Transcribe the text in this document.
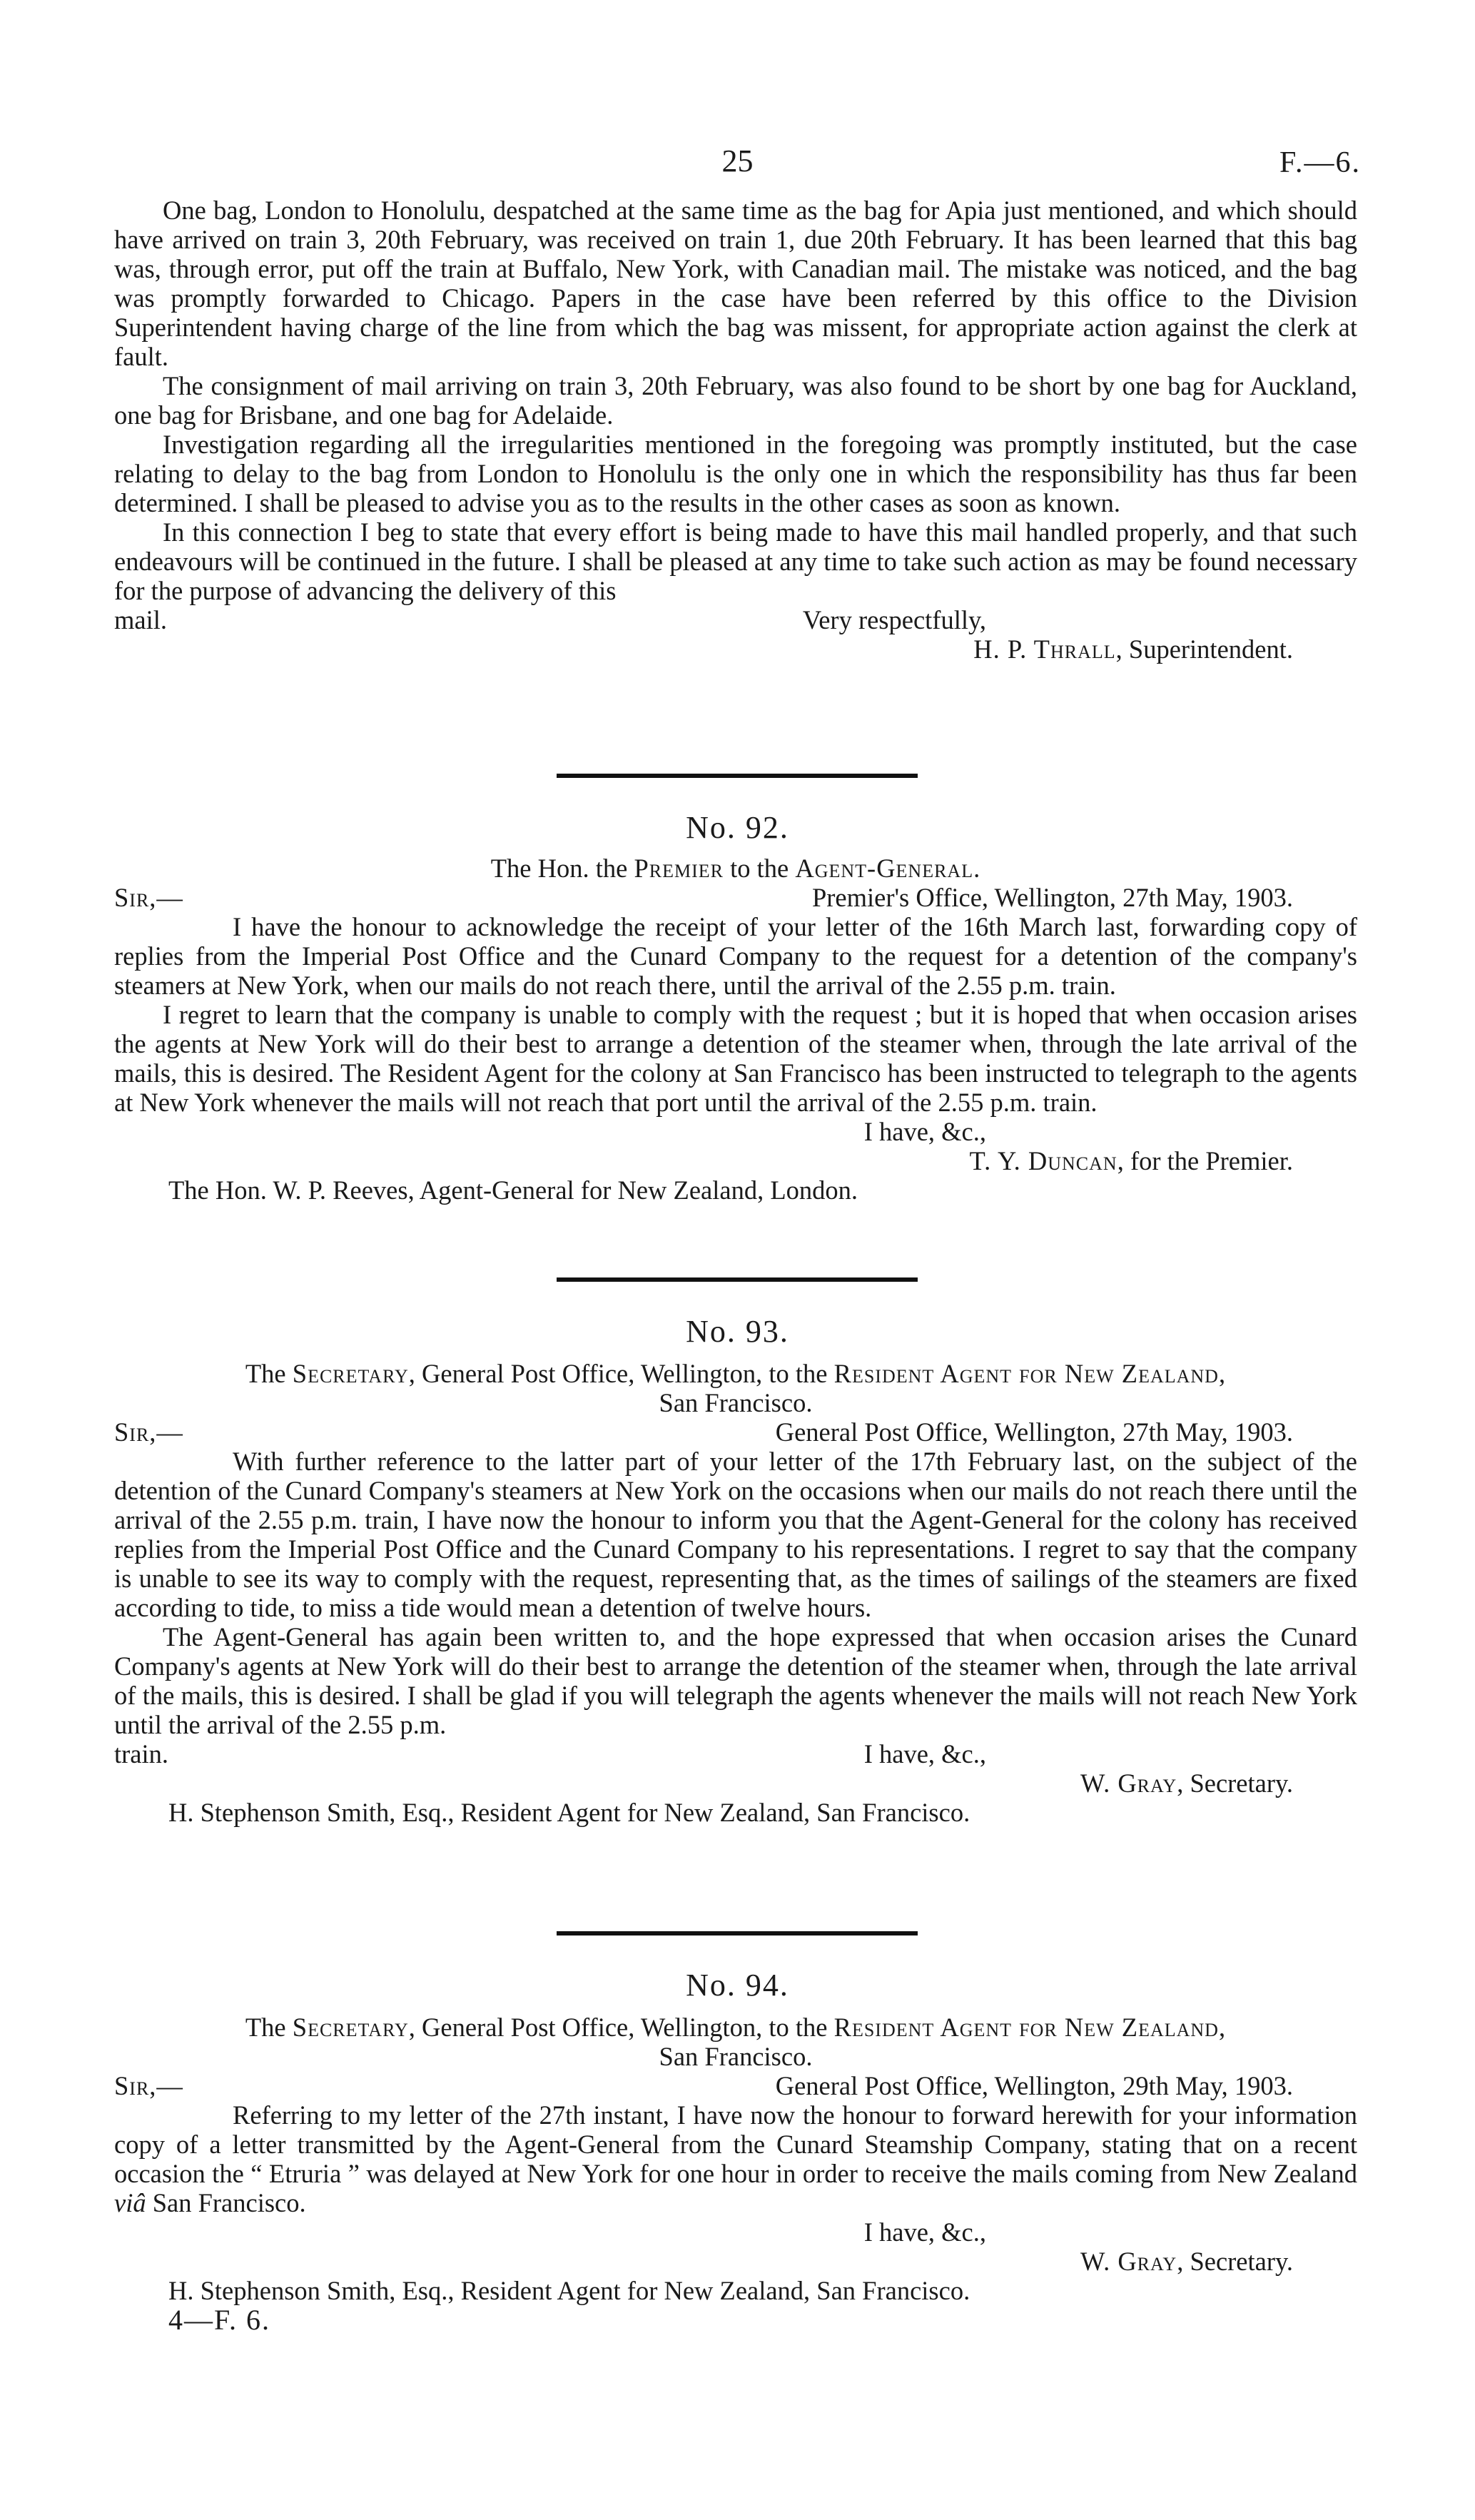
25	F.—6.

One bag, London to Honolulu, despatched at the same time as the bag for Apia just mentioned, and which should have arrived on train 3, 20th February, was received on train 1, due 20th February. It has been learned that this bag was, through error, put off the train at Buffalo, New York, with Canadian mail. The mistake was noticed, and the bag was promptly forwarded to Chicago. Papers in the case have been referred by this office to the Division Superintendent having charge of the line from which the bag was missent, for appropriate action against the clerk at fault.

The consignment of mail arriving on train 3, 20th February, was also found to be short by one bag for Auckland, one bag for Brisbane, and one bag for Adelaide.

Investigation regarding all the irregularities mentioned in the foregoing was promptly instituted, but the case relating to delay to the bag from London to Honolulu is the only one in which the responsibility has thus far been determined. I shall be pleased to advise you as to the results in the other cases as soon as known.

In this connection I beg to state that every effort is being made to have this mail handled properly, and that such endeavours will be continued in the future. I shall be pleased at any time to take such action as may be found necessary for the purpose of advancing the delivery of this

mail.	Very respectfully,
H. P. Thrall, Superintendent.
No. 92.
The Hon. the Premier to the Agent-General.
Sir,—	Premier's Office, Wellington, 27th May, 1903.

I have the honour to acknowledge the receipt of your letter of the 16th March last, forwarding copy of replies from the Imperial Post Office and the Cunard Company to the request for a detention of the company's steamers at New York, when our mails do not reach there, until the arrival of the 2.55 p.m. train.

I regret to learn that the company is unable to comply with the request ; but it is hoped that when occasion arises the agents at New York will do their best to arrange a detention of the steamer when, through the late arrival of the mails, this is desired. The Resident Agent for the colony at San Francisco has been instructed to telegraph to the agents at New York whenever the mails will not reach that port until the arrival of the 2.55 p.m. train.

I have, &c.,
T. Y. Duncan, for the Premier.
The Hon. W. P. Reeves, Agent-General for New Zealand, London.
No. 93.
The Secretary, General Post Office, Wellington, to the Resident Agent for New Zealand,
San Francisco.
Sir,—	General Post Office, Wellington, 27th May, 1903.

With further reference to the latter part of your letter of the 17th February last, on the subject of the detention of the Cunard Company's steamers at New York on the occasions when our mails do not reach there until the arrival of the 2.55 p.m. train, I have now the honour to inform you that the Agent-General for the colony has received replies from the Imperial Post Office and the Cunard Company to his representations. I regret to say that the company is unable to see its way to comply with the request, representing that, as the times of sailings of the steamers are fixed according to tide, to miss a tide would mean a detention of twelve hours.

The Agent-General has again been written to, and the hope expressed that when occasion arises the Cunard Company's agents at New York will do their best to arrange the detention of the steamer when, through the late arrival of the mails, this is desired. I shall be glad if you will telegraph the agents whenever the mails will not reach New York until the arrival of the 2.55 p.m.

train.	I have, &c.,
W. Gray, Secretary.
H. Stephenson Smith, Esq., Resident Agent for New Zealand, San Francisco.
No. 94.
The Secretary, General Post Office, Wellington, to the Resident Agent for New Zealand,
San Francisco.
Sir,—	General Post Office, Wellington, 29th May, 1903.

Referring to my letter of the 27th instant, I have now the honour to forward herewith for your information copy of a letter transmitted by the Agent-General from the Cunard Steamship Company, stating that on a recent occasion the “ Etruria ” was delayed at New York for one hour in order to receive the mails coming from New Zealand viâ San Francisco.

I have, &c.,
W. Gray, Secretary.
H. Stephenson Smith, Esq., Resident Agent for New Zealand, San Francisco.
4—F. 6.
